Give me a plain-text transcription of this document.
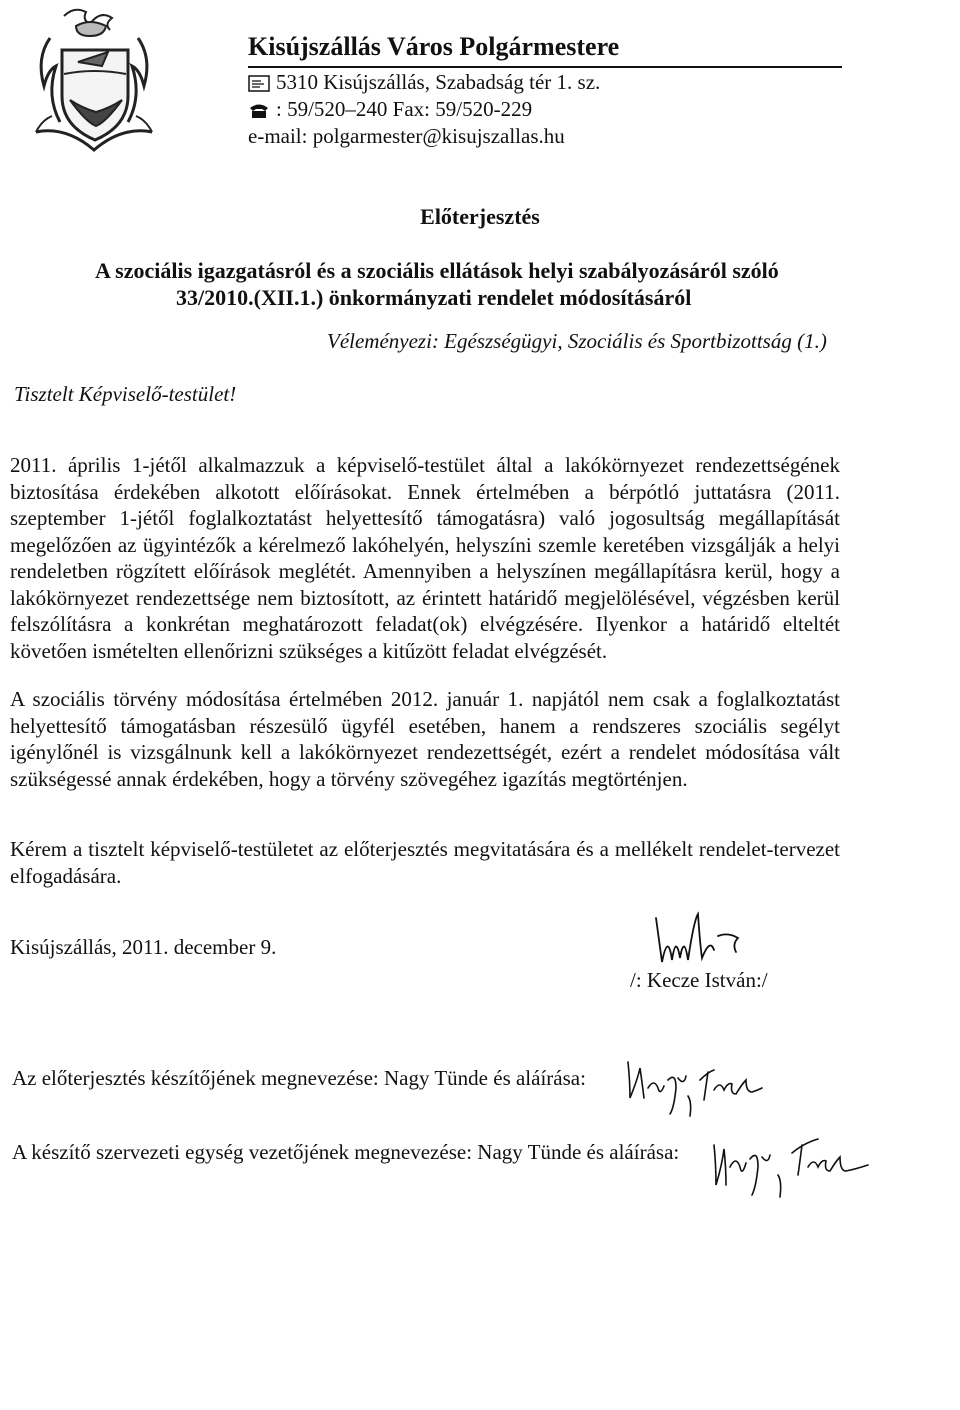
Kisújszállás Város Polgármestere
5310 Kisújszállás, Szabadság tér 1. sz.
: 59/520–240 Fax: 59/520-229
e-mail: polgarmester@kisujszallas.hu
Előterjesztés
A szociális igazgatásról és a szociális ellátások helyi szabályozásáról szóló
33/2010.(XII.1.) önkormányzati rendelet módosításáról
Véleményezi: Egészségügyi, Szociális és Sportbizottság (1.)
Tisztelt Képviselő-testület!
2011. április 1-jétől alkalmazzuk a képviselő-testület által a lakókörnyezet rendezettségének biztosítása érdekében alkotott előírásokat. Ennek értelmében a bérpótló juttatásra (2011. szeptember 1-jétől foglalkoztatást helyettesítő támogatásra) való jogosultság megállapítását megelőzően az ügyintézők a kérelmező lakóhelyén, helyszíni szemle keretében vizsgálják a helyi rendeletben rögzített előírások meglétét. Amennyiben a helyszínen megállapításra kerül, hogy a lakókörnyezet rendezettsége nem biztosított, az érintett határidő megjelölésével, végzésben kerül felszólításra a konkrétan meghatározott feladat(ok) elvégzésére. Ilyenkor a határidő elteltét követően ismételten ellenőrizni szükséges a kitűzött feladat elvégzését.
A szociális törvény módosítása értelmében 2012. január 1. napjától nem csak a foglalkoztatást helyettesítő támogatásban részesülő ügyfél esetében, hanem a rendszeres szociális segélyt igénylőnél is vizsgálnunk kell a lakókörnyezet rendezettségét, ezért a rendelet módosítása vált szükségessé annak érdekében, hogy a törvény szövegéhez igazítás megtörténjen.
Kérem a tisztelt képviselő-testületet az előterjesztés megvitatására és a mellékelt rendelet-tervezet elfogadására.
Kisújszállás, 2011. december 9.
/: Kecze István:/
Az előterjesztés készítőjének megnevezése: Nagy Tünde és aláírása:
A készítő szervezeti egység vezetőjének megnevezése: Nagy Tünde és aláírása:
